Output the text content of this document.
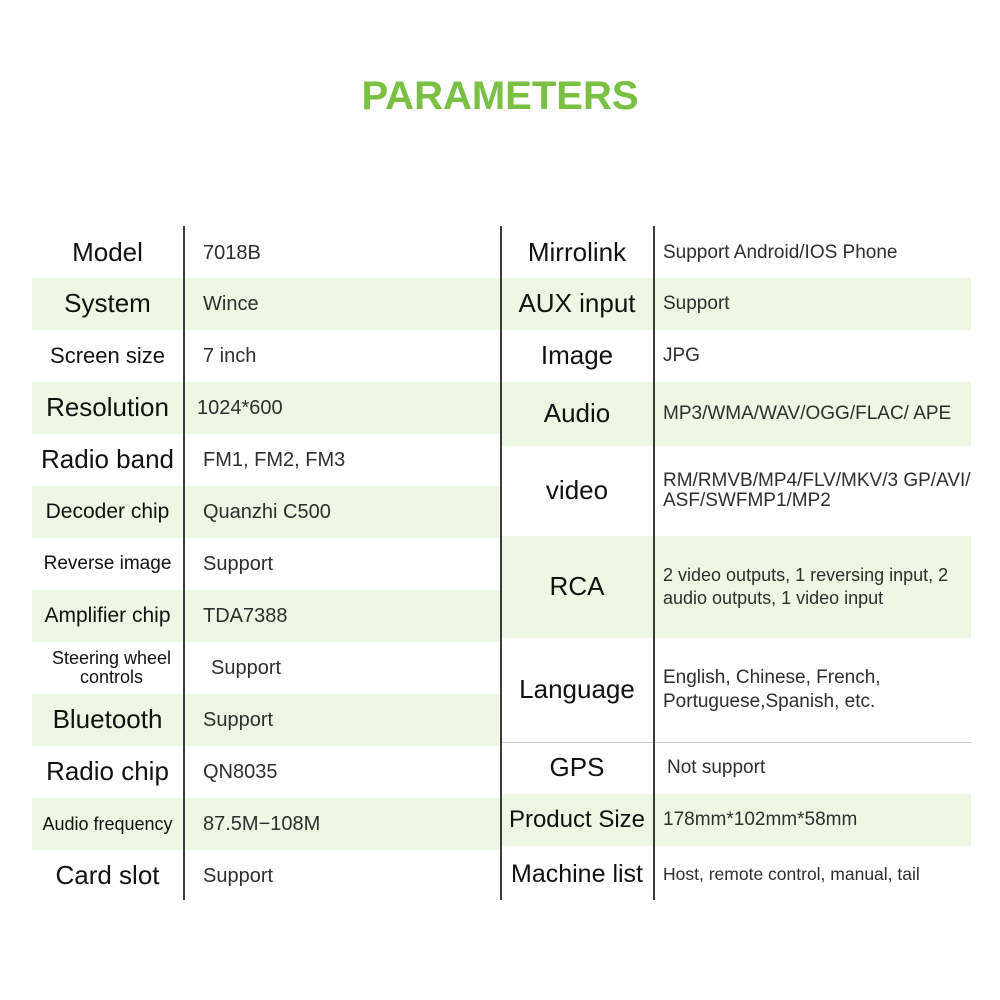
PARAMETERS
Model	7018B
System	Wince
Screen size	7 inch
Resolution	1024*600
Radio band	FM1, FM2, FM3
Decoder chip	Quanzhi C500
Reverse image	Support
Amplifier chip	TDA7388
Steering wheel controls	Support
Bluetooth	Support
Radio chip	QN8035
Audio frequency	87.5M−108M
Card slot	Support
Mirrolink	Support Android/IOS Phone
AUX input	Support
Image	JPG
Audio	MP3/WMA/WAV/OGG/FLAC/ APE
video	RM/RMVB/MP4/FLV/MKV/3 GP/AVI/ASF/SWFMP1/MP2
RCA	2 video outputs, 1 reversing input, 2 audio outputs, 1 video input
Language	English, Chinese, French, Portuguese,Spanish, etc.
GPS	Not support
Product Size 178mm*102mm*58mm
Machine list	Host, remote control, manual, tail
